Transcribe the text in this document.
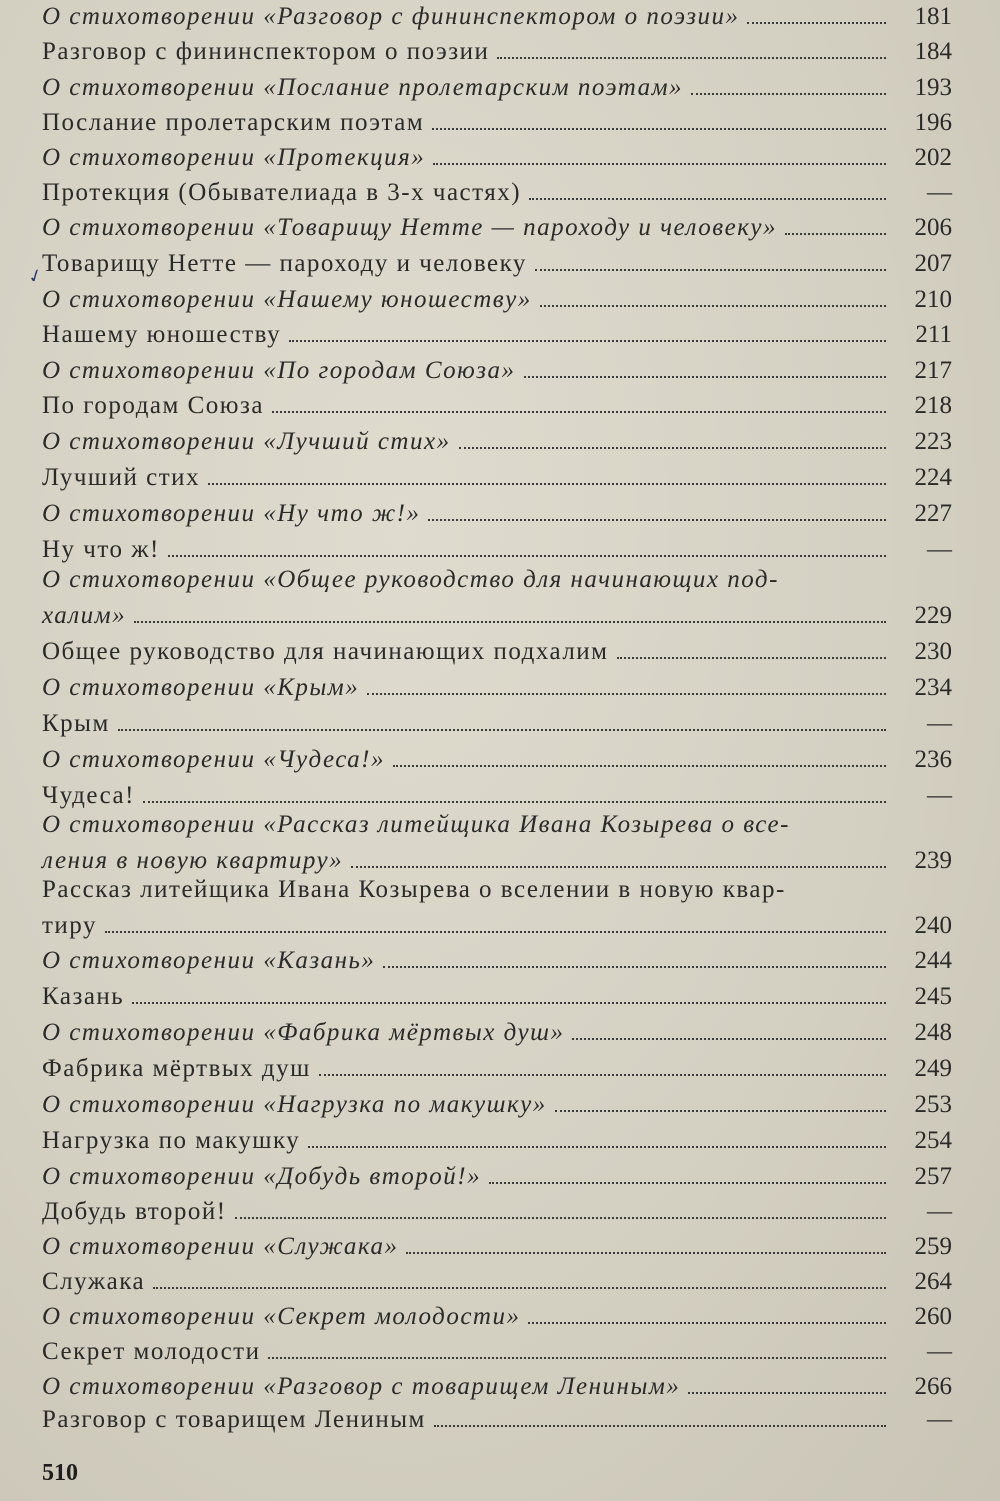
О стихотворении «Разговор с фининспектором о поэзии»	181
Разговор с фининспектором о поэзии	184
О стихотворении «Послание пролетарским поэтам»	193
Послание пролетарским поэтам	196
О стихотворении «Протекция»	202
Протекция (Обывателиада в 3-х частях)	—
О стихотворении «Товарищу Нетте — пароходу и человеку»	206
Товарищу Нетте — пароходу и человеку	207
О стихотворении «Нашему юношеству»	210
Нашему юношеству	211
О стихотворении «По городам Союза»	217
По городам Союза	218
О стихотворении «Лучший стих»	223
Лучший стих	224
О стихотворении «Ну что ж!»	227
Ну что ж!	—
О стихотворении «Общее руководство для начинающих под-
халим»	229
Общее руководство для начинающих подхалим	230
О стихотворении «Крым»	234
Крым	—
О стихотворении «Чудеса!»	236
Чудеса!	—
О стихотворении «Рассказ литейщика Ивана Козырева о все-
ления в новую квартиру»	239
Рассказ литейщика Ивана Козырева о вселении в новую квар-
тиру	240
О стихотворении «Казань»	244
Казань	245
О стихотворении «Фабрика мёртвых душ»	248
Фабрика мёртвых душ	249
О стихотворении «Нагрузка по макушку»	253
Нагрузка по макушку	254
О стихотворении «Добудь второй!»	257
Добудь второй!	—
О стихотворении «Служака»	259
Служака	264
О стихотворении «Секрет молодости»	260
Секрет молодости	—
О стихотворении «Разговор с товарищем Лениным»	266
Разговор с товарищем Лениным	—
✓
510
